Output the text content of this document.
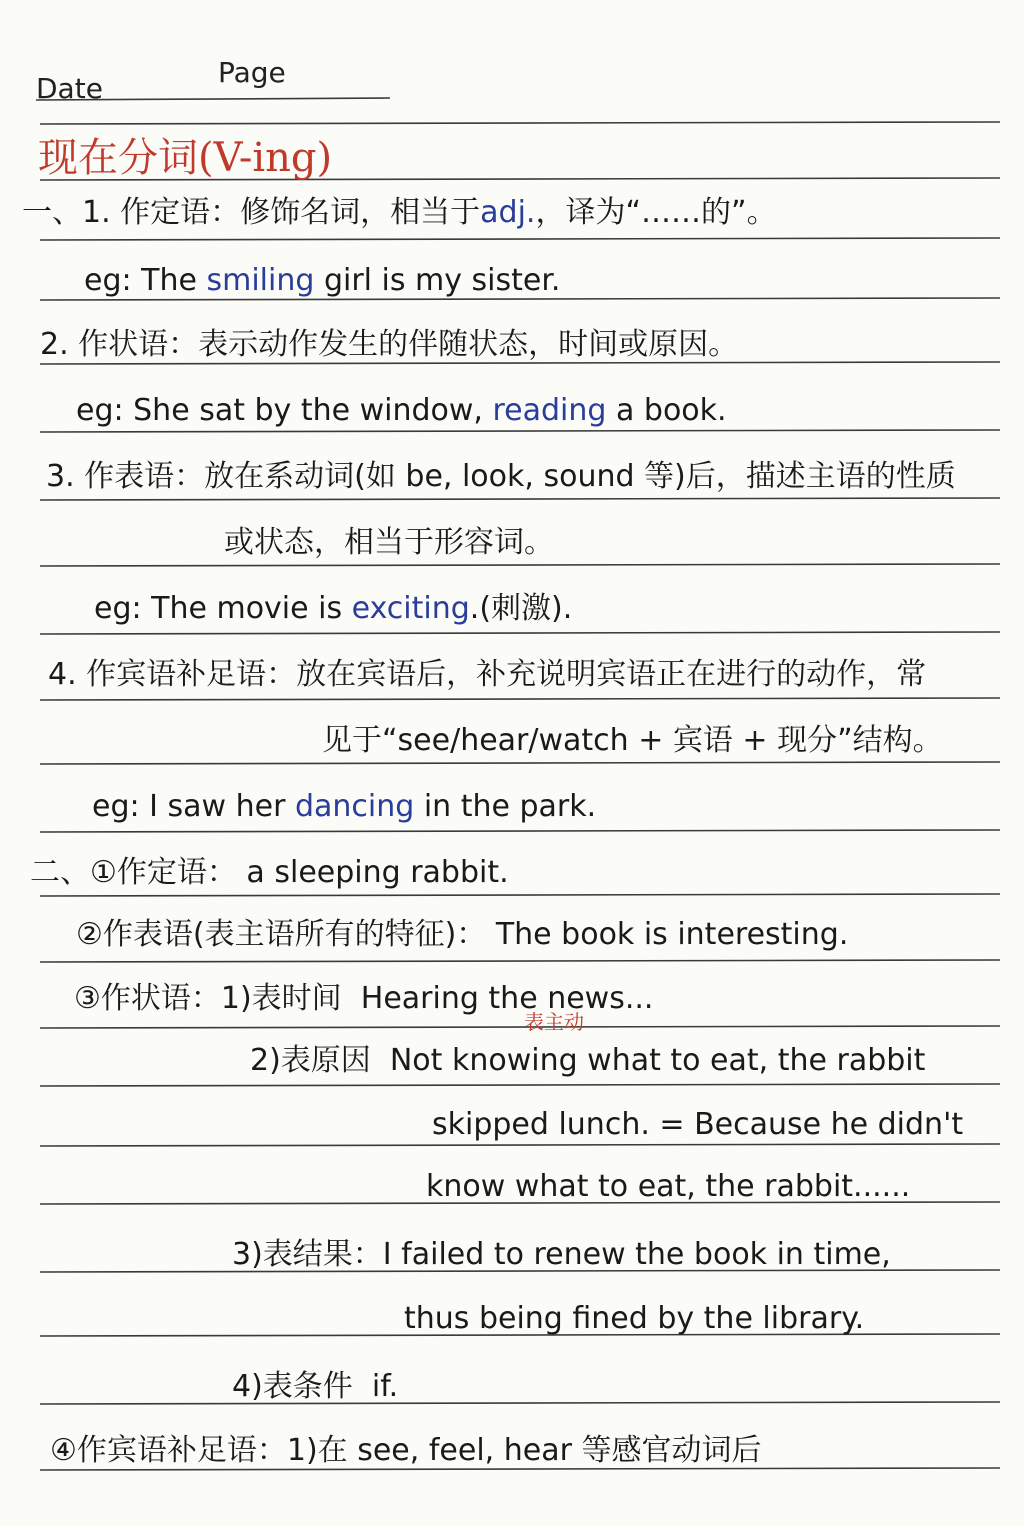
Date	Page
现在分词(V-ing)
一、1. 作定语：修饰名词，相当于adj.，译为“……的”。
eg: The smiling girl is my sister.
2. 作状语：表示动作发生的伴随状态，时间或原因。
eg: She sat by the window, reading a book.
3. 作表语：放在系动词(如 be, look, sound 等)后，描述主语的性质
或状态，相当于形容词。
eg: The movie is exciting.(刺激).
4. 作宾语补足语：放在宾语后，补充说明宾语正在进行的动作，常
见于“see/hear/watch + 宾语 + 现分”结构。
eg: I saw her dancing in the park.
二、①作定语： a sleeping rabbit.
②作表语(表主语所有的特征)： The book is interesting.
③作状语：1)表时间  Hearing the news...
2)表原因  Not knowing what to eat, the rabbit
skipped lunch. = Because he didn't
know what to eat, the rabbit......
3)表结果：I failed to renew the book in time,
thus being fined by the library.
4)表条件  if.
④作宾语补足语：1)在 see, feel, hear 等感官动词后
表主动
